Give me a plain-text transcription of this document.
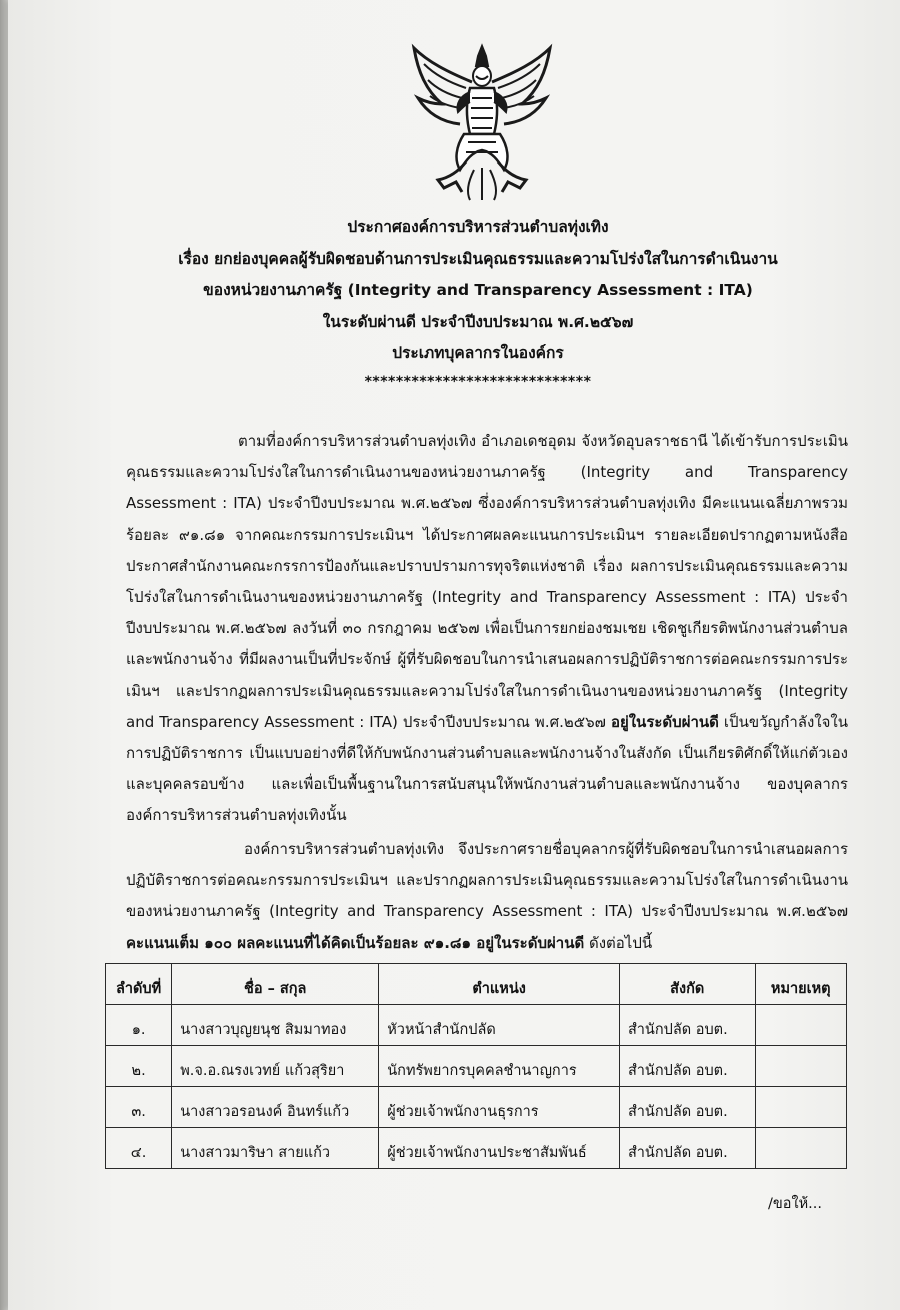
ประกาศองค์การบริหารส่วนตำบลทุ่งเทิง
เรื่อง ยกย่องบุคคลผู้รับผิดชอบด้านการประเมินคุณธรรมและความโปร่งใสในการดำเนินงาน
ของหน่วยงานภาครัฐ (Integrity and Transparency Assessment : ITA)
ในระดับผ่านดี ประจำปีงบประมาณ พ.ศ.๒๕๖๗
ประเภทบุคลากรในองค์กร
*****************************
ตามที่องค์การบริหารส่วนตำบลทุ่งเทิง อำเภอเดชอุดม จังหวัดอุบลราชธานี ได้เข้ารับการประเมินคุณธรรมและความโปร่งใสในการดำเนินงานของหน่วยงานภาครัฐ (Integrity and Transparency Assessment : ITA) ประจำปีงบประมาณ พ.ศ.๒๕๖๗ ซึ่งองค์การบริหารส่วนตำบลทุ่งเทิง มีคะแนนเฉลี่ยภาพรวม ร้อยละ ๙๑.๘๑ จากคณะกรรมการประเมินฯ ได้ประกาศผลคะแนนการประเมินฯ รายละเอียดปรากฏตามหนังสือ ประกาศสำนักงานคณะกรรการป้องกันและปราบปรามการทุจริตแห่งชาติ เรื่อง ผลการประเมินคุณธรรมและความโปร่งใสในการดำเนินงานของหน่วยงานภาครัฐ (Integrity and Transparency Assessment : ITA) ประจำปีงบประมาณ พ.ศ.๒๕๖๗ ลงวันที่ ๓๐ กรกฎาคม ๒๕๖๗ เพื่อเป็นการยกย่องชมเชย เชิดชูเกียรติพนักงานส่วนตำบล และพนักงานจ้าง ที่มีผลงานเป็นที่ประจักษ์ ผู้ที่รับผิดชอบในการนำเสนอผลการปฏิบัติราชการต่อคณะกรรมการประเมินฯ และปรากฏผลการประเมินคุณธรรมและความโปร่งใสในการดำเนินงานของหน่วยงานภาครัฐ (Integrity and Transparency Assessment : ITA) ประจำปีงบประมาณ พ.ศ.๒๕๖๗ อยู่ในระดับผ่านดี เป็นขวัญกำลังใจในการปฏิบัติราชการ เป็นแบบอย่างที่ดีให้กับพนักงานส่วนตำบลและพนักงานจ้างในสังกัด เป็นเกียรติศักดิ์ให้แก่ตัวเองและบุคคลรอบข้าง และเพื่อเป็นพื้นฐานในการสนับสนุนให้พนักงานส่วนตำบลและพนักงานจ้าง ของบุคลากรองค์การบริหารส่วนตำบลทุ่งเทิงนั้น
องค์การบริหารส่วนตำบลทุ่งเทิง จึงประกาศรายชื่อบุคลากรผู้ที่รับผิดชอบในการนำเสนอผลการปฏิบัติราชการต่อคณะกรรมการประเมินฯ และปรากฏผลการประเมินคุณธรรมและความโปร่งใสในการดำเนินงานของหน่วยงานภาครัฐ (Integrity and Transparency Assessment : ITA) ประจำปีงบประมาณ พ.ศ.๒๕๖๗ คะแนนเต็ม ๑๐๐ ผลคะแนนที่ได้คิดเป็นร้อยละ ๙๑.๘๑ อยู่ในระดับผ่านดี ดังต่อไปนี้
ลำดับที่	ชื่อ – สกุล	ตำแหน่ง	สังกัด	หมายเหตุ
๑.	นางสาวบุญยนุช สิมมาทอง	หัวหน้าสำนักปลัด	สำนักปลัด อบต.	
๒.	พ.จ.อ.ณรงเวทย์ แก้วสุริยา	นักทรัพยากรบุคคลชำนาญการ	สำนักปลัด อบต.	
๓.	นางสาวอรอนงค์ อินทร์แก้ว	ผู้ช่วยเจ้าพนักงานธุรการ	สำนักปลัด อบต.	
๔.	นางสาวมาริษา สายแก้ว	ผู้ช่วยเจ้าพนักงานประชาสัมพันธ์	สำนักปลัด อบต.	
/ขอให้...
